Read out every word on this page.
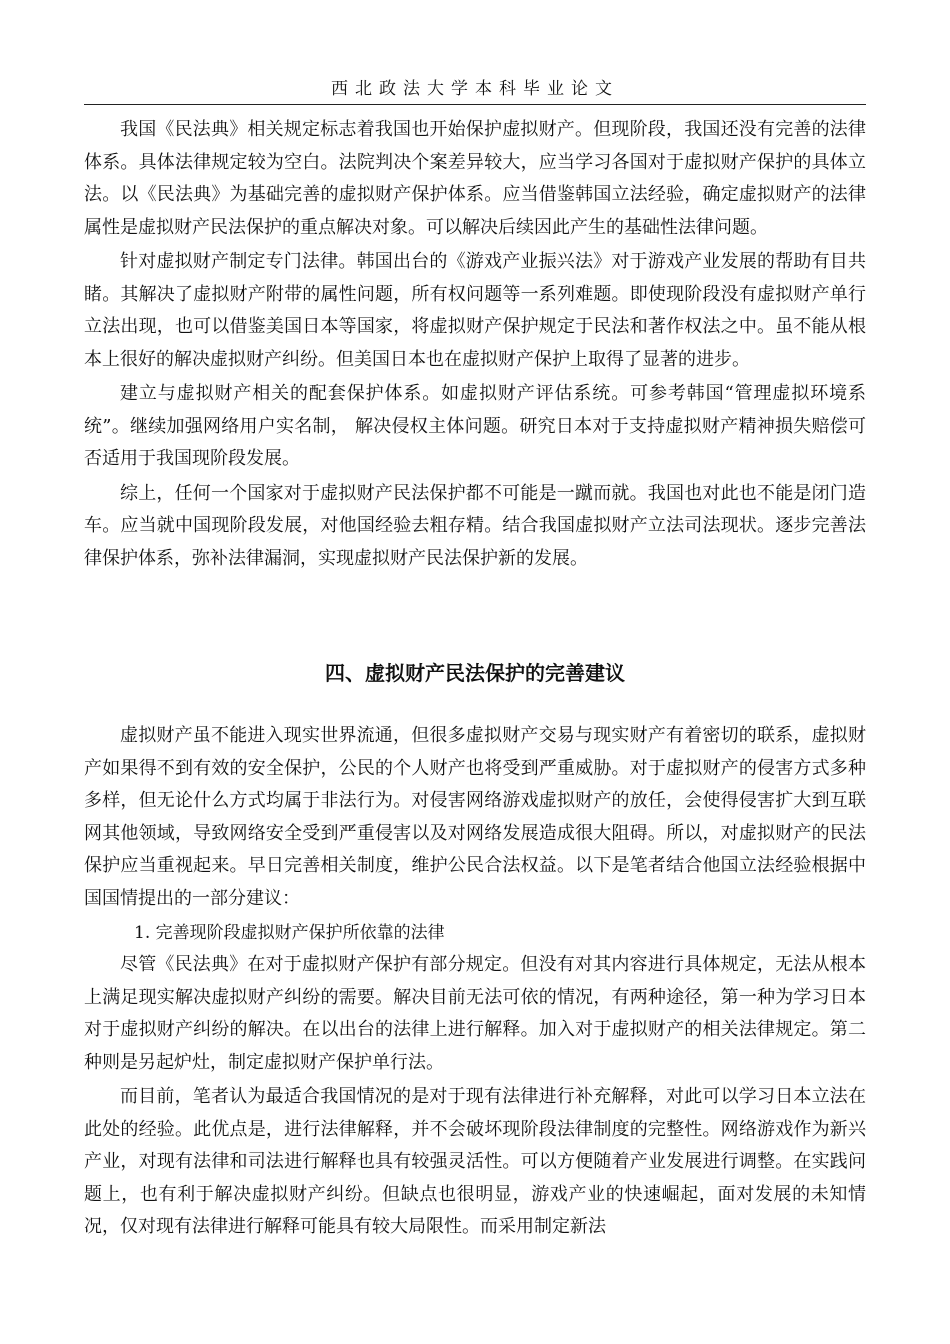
西北政法大学本科毕业论文

我国《民法典》相关规定标志着我国也开始保护虚拟财产。但现阶段，我国还没有完善的法律体系。具体法律规定较为空白。法院判决个案差异较大，应当学习各国对于虚拟财产保护的具体立法。以《民法典》为基础完善的虚拟财产保护体系。应当借鉴韩国立法经验，确定虚拟财产的法律属性是虚拟财产民法保护的重点解决对象。可以解决后续因此产生的基础性法律问题。

针对虚拟财产制定专门法律。韩国出台的《游戏产业振兴法》对于游戏产业发展的帮助有目共睹。其解决了虚拟财产附带的属性问题，所有权问题等一系列难题。即使现阶段没有虚拟财产单行立法出现，也可以借鉴美国日本等国家，将虚拟财产保护规定于民法和著作权法之中。虽不能从根本上很好的解决虚拟财产纠纷。但美国日本也在虚拟财产保护上取得了显著的进步。

建立与虚拟财产相关的配套保护体系。如虚拟财产评估系统。可参考韩国“管理虚拟环境系统”。继续加强网络用户实名制， 解决侵权主体问题。研究日本对于支持虚拟财产精神损失赔偿可否适用于我国现阶段发展。

综上，任何一个国家对于虚拟财产民法保护都不可能是一蹴而就。我国也对此也不能是闭门造车。应当就中国现阶段发展，对他国经验去粗存精。结合我国虚拟财产立法司法现状。逐步完善法律保护体系，弥补法律漏洞，实现虚拟财产民法保护新的发展。

四、虚拟财产民法保护的完善建议

虚拟财产虽不能进入现实世界流通，但很多虚拟财产交易与现实财产有着密切的联系，虚拟财产如果得不到有效的安全保护，公民的个人财产也将受到严重威胁。对于虚拟财产的侵害方式多种多样，但无论什么方式均属于非法行为。对侵害网络游戏虚拟财产的放任，会使得侵害扩大到互联网其他领域，导致网络安全受到严重侵害以及对网络发展造成很大阻碍。所以，对虚拟财产的民法保护应当重视起来。早日完善相关制度，维护公民合法权益。以下是笔者结合他国立法经验根据中国国情提出的一部分建议：

1. 完善现阶段虚拟财产保护所依靠的法律

尽管《民法典》在对于虚拟财产保护有部分规定。但没有对其内容进行具体规定，无法从根本上满足现实解决虚拟财产纠纷的需要。解决目前无法可依的情况，有两种途径，第一种为学习日本对于虚拟财产纠纷的解决。在以出台的法律上进行解释。加入对于虚拟财产的相关法律规定。第二种则是另起炉灶，制定虚拟财产保护单行法。

而目前，笔者认为最适合我国情况的是对于现有法律进行补充解释，对此可以学习日本立法在此处的经验。此优点是，进行法律解释，并不会破坏现阶段法律制度的完整性。网络游戏作为新兴产业，对现有法律和司法进行解释也具有较强灵活性。可以方便随着产业发展进行调整。在实践问题上，也有利于解决虚拟财产纠纷。但缺点也很明显，游戏产业的快速崛起，面对发展的未知情况，仅对现有法律进行解释可能具有较大局限性。而采用制定新法
